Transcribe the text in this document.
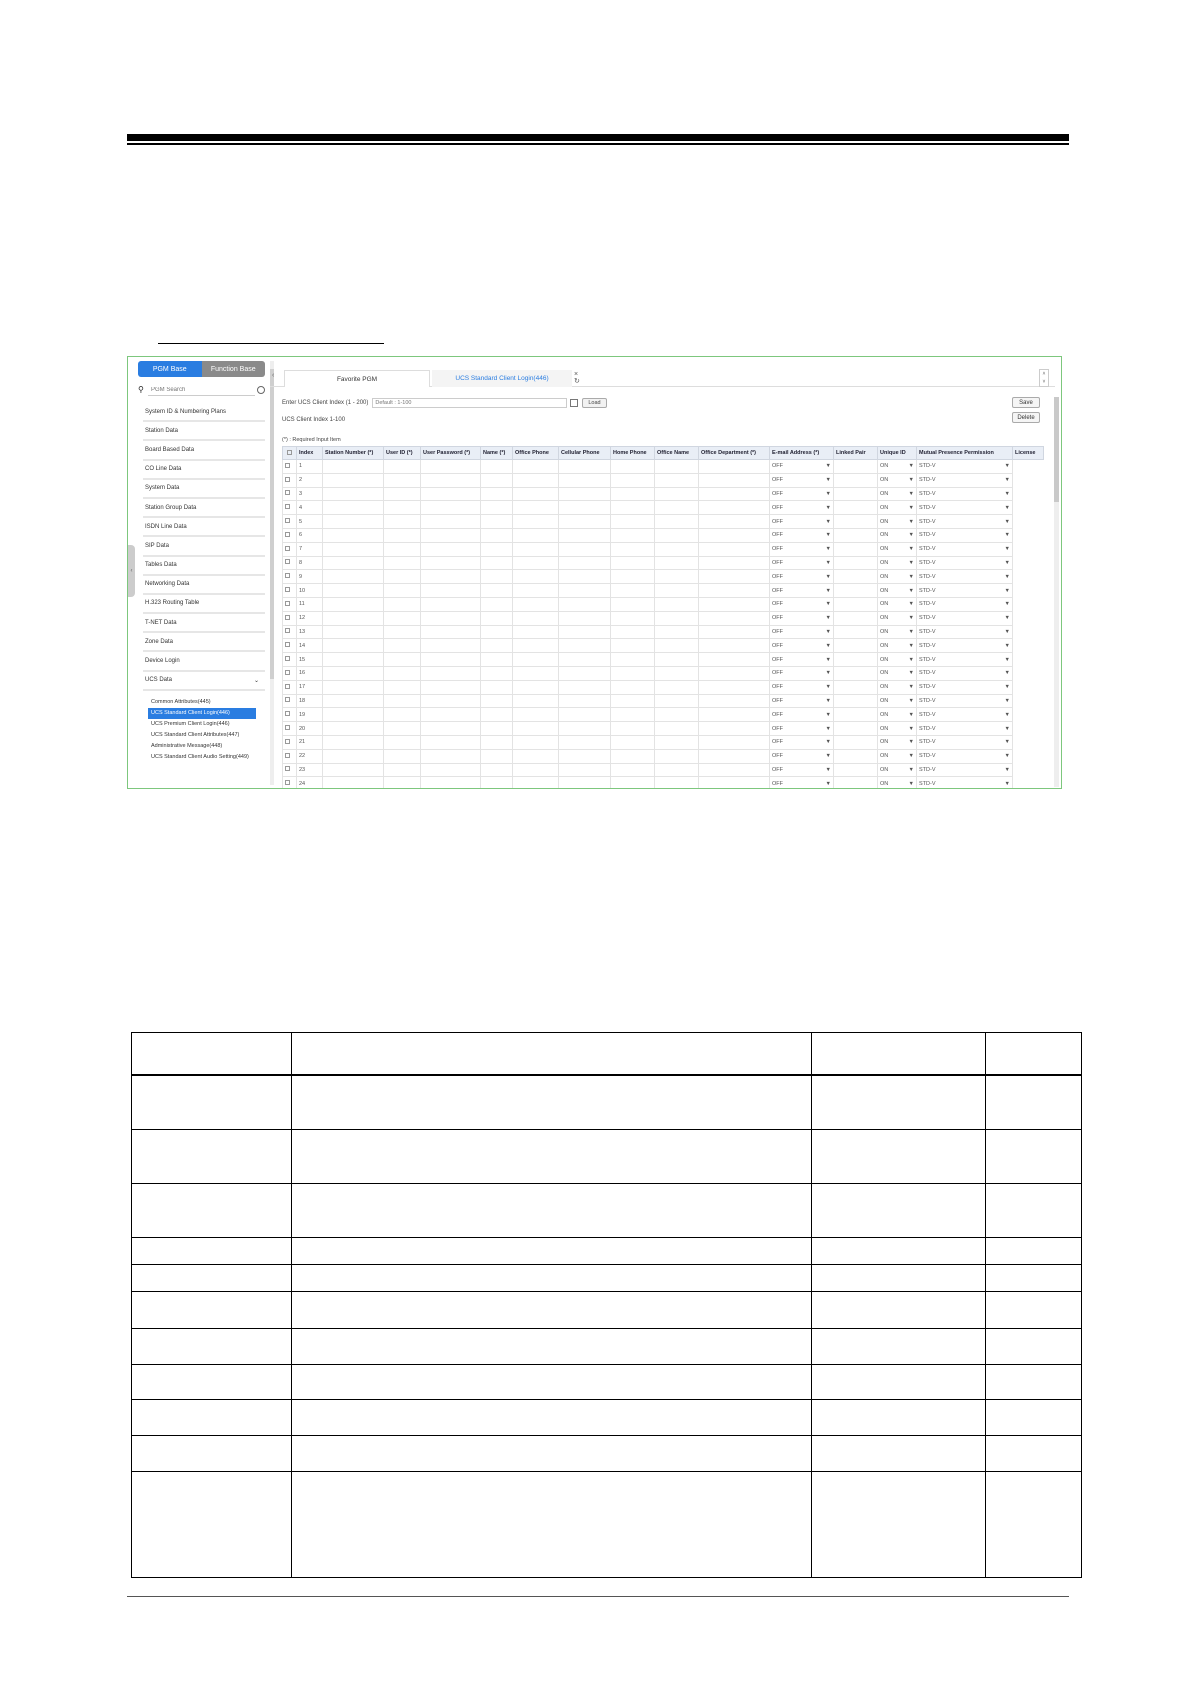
‹
PGM Base	Function Base
⚲
PGM Search
System ID & Numbering Plans
Station Data
Board Based Data
CO Line Data
System Data
Station Group Data
ISDN Line Data
SIP Data
Tables Data
Networking Data
H.323 Routing Table
T-NET Data
Zone Data
Device Login
UCS Data	⌄
Common Attributes(445)
UCS Standard Client Login(446)
UCS Premium Client Login(446)
UCS Standard Client Attributes(447)
Administrative Message(448)
UCS Standard Client Audio Setting(449)
‹	Favorite PGM	UCS Standard Client Login(446)
×
↻
˄
˅
Enter UCS Client Index (1 - 200)
Default : 1-100	Load	Save
Delete
UCS Client Index 1-100
(*) : Required Input Item
	Index	Station Number (*)	User ID (*)	User Password (*)	Name (*)	Office Phone	Cellular Phone	Home Phone	Office Name	Office Department (*)	E-mail Address (*)	Linked Pair	Unique ID	Mutual Presence Permission	License
	1										OFF ▼		ON ▼	STD-V ▼	

	2										OFF ▼		ON ▼	STD-V ▼	

	3										OFF ▼		ON ▼	STD-V ▼	

	4										OFF ▼		ON ▼	STD-V ▼	

	5										OFF ▼		ON ▼	STD-V ▼	

	6										OFF ▼		ON ▼	STD-V ▼	

	7										OFF ▼		ON ▼	STD-V ▼	

	8										OFF ▼		ON ▼	STD-V ▼	

	9										OFF ▼		ON ▼	STD-V ▼	

	10										OFF ▼		ON ▼	STD-V ▼	

	11										OFF ▼		ON ▼	STD-V ▼	

	12										OFF ▼		ON ▼	STD-V ▼	

	13										OFF ▼		ON ▼	STD-V ▼	

	14										OFF ▼		ON ▼	STD-V ▼	

	15										OFF ▼		ON ▼	STD-V ▼	

	16										OFF ▼		ON ▼	STD-V ▼	

	17										OFF ▼		ON ▼	STD-V ▼	

	18										OFF ▼		ON ▼	STD-V ▼	

	19										OFF ▼		ON ▼	STD-V ▼	

	20										OFF ▼		ON ▼	STD-V ▼	

	21										OFF ▼		ON ▼	STD-V ▼	

	22										OFF ▼		ON ▼	STD-V ▼	

	23										OFF ▼		ON ▼	STD-V ▼	

	24										OFF ▼		ON ▼	STD-V ▼	
